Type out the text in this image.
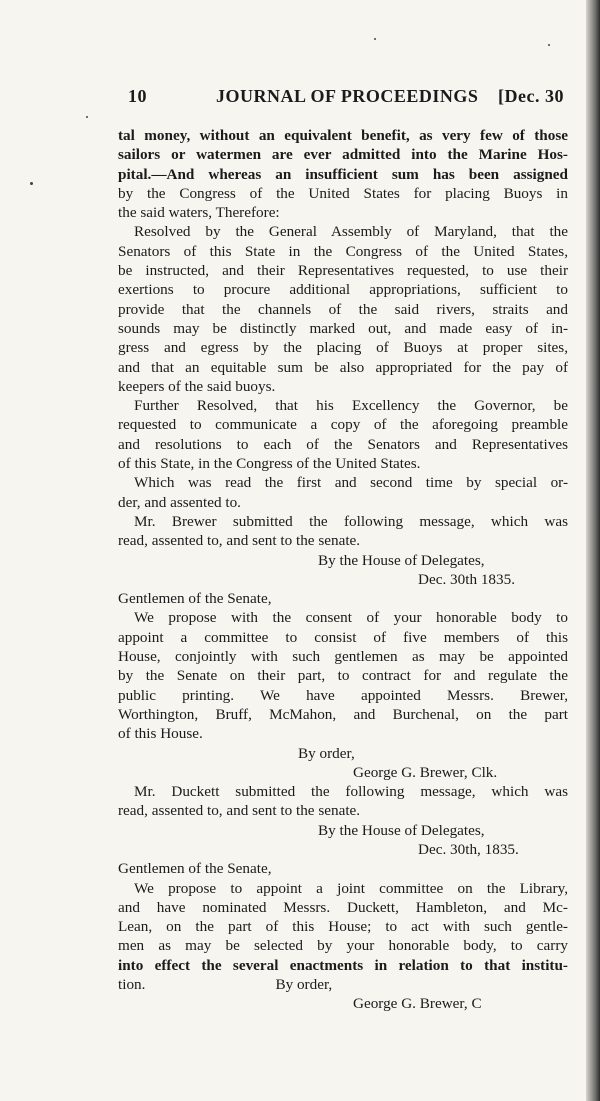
10	JOURNAL OF PROCEEDINGS [Dec. 30
tal money, without an equivalent benefit, as very few of those
sailors or watermen are ever admitted into the Marine Hos-
pital.—And whereas an insufficient sum has been assigned
by the Congress of the United States for placing Buoys in
the said waters, Therefore:
Resolved by the General Assembly of Maryland, that the
Senators of this State in the Congress of the United States,
be instructed, and their Representatives requested, to use their
exertions to procure additional appropriations, sufficient to
provide that the channels of the said rivers, straits and
sounds may be distinctly marked out, and made easy of in-
gress and egress by the placing of Buoys at proper sites,
and that an equitable sum be also appropriated for the pay of
keepers of the said buoys.
Further Resolved, that his Excellency the Governor, be
requested to communicate a copy of the aforegoing preamble
and resolutions to each of the Senators and Representatives
of this State, in the Congress of the United States.
Which was read the first and second time by special or-
der, and assented to.
Mr. Brewer submitted the following message, which was
read, assented to, and sent to the senate.
By the House of Delegates,
Dec. 30th 1835.
Gentlemen of the Senate,
We propose with the consent of your honorable body to
appoint a committee to consist of five members of this
House, conjointly with such gentlemen as may be appointed
by the Senate on their part, to contract for and regulate the
public printing. We have appointed Messrs. Brewer,
Worthington, Bruff, McMahon, and Burchenal, on the part
of this House.
By order,
George G. Brewer, Clk.
Mr. Duckett submitted the following message, which was
read, assented to, and sent to the senate.
By the House of Delegates,
Dec. 30th, 1835.
Gentlemen of the Senate,
We propose to appoint a joint committee on the Library,
and have nominated Messrs. Duckett, Hambleton, and Mc-
Lean, on the part of this House; to act with such gentle-
men as may be selected by your honorable body, to carry
into effect the several enactments in relation to that institu-
tion.	By order,
George G. Brewer, C
